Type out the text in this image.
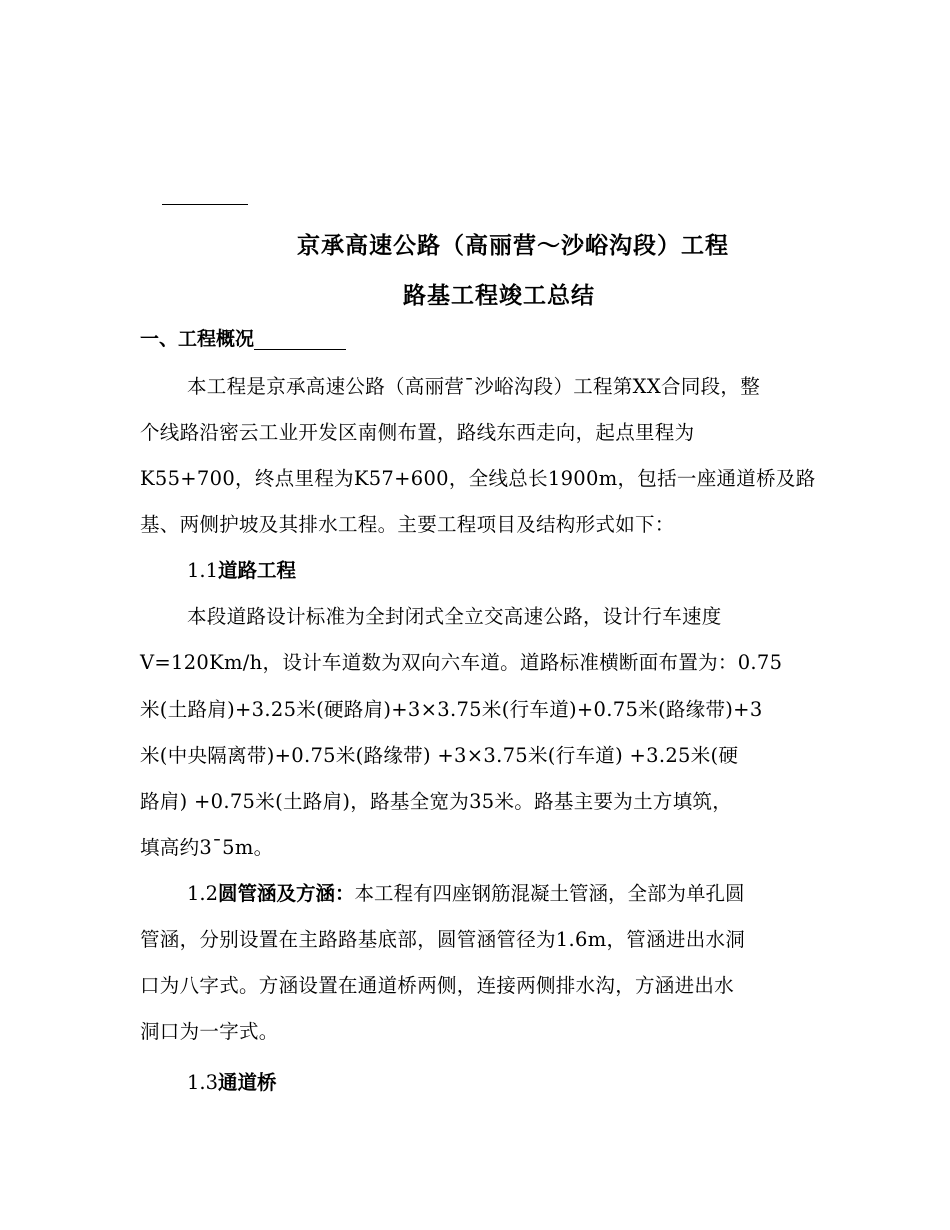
京承高速公路（高丽营～沙峪沟段）工程
路基工程竣工总结
一、工程概况
本工程是京承高速公路（高丽营¯沙峪沟段）工程第XX合同段，整
个线路沿密云工业开发区南侧布置，路线东西走向，起点里程为
K55+700，终点里程为K57+600，全线总长1900m，包括一座通道桥及路
基、两侧护坡及其排水工程。主要工程项目及结构形式如下：
1.1道路工程
本段道路设计标准为全封闭式全立交高速公路，设计行车速度
V=120Km/h，设计车道数为双向六车道。道路标准横断面布置为：0.75
米(土路肩)+3.25米(硬路肩)+3×3.75米(行车道)+0.75米(路缘带)+3
米(中央隔离带)+0.75米(路缘带) +3×3.75米(行车道) +3.25米(硬
路肩) +0.75米(土路肩)，路基全宽为35米。路基主要为土方填筑，
填高约3¯5m。
1.2圆管涵及方涵：本工程有四座钢筋混凝土管涵，全部为单孔圆
管涵，分别设置在主路路基底部，圆管涵管径为1.6m，管涵进出水洞
口为八字式。方涵设置在通道桥两侧，连接两侧排水沟，方涵进出水
洞口为一字式。
1.3通道桥
